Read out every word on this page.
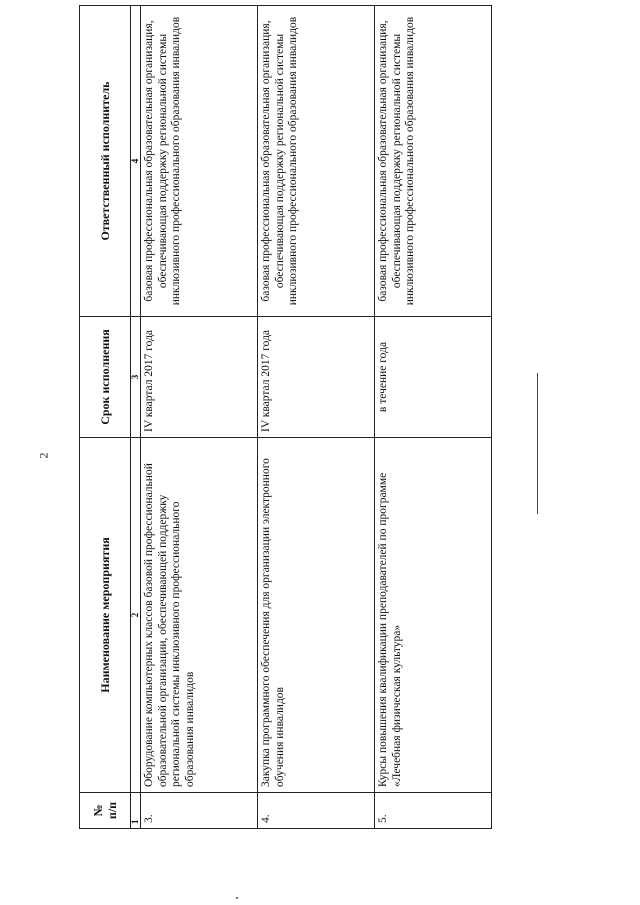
2
№ п/п	Наименование мероприятия	Срок исполнения	Ответственный исполнитель
1	2	3	4
3.	Оборудование компьютерных классов базовой профессиональной образовательной организации, обеспечивающей поддержку региональной системы инклюзивного профессионального образования инвалидов	IV квартал 2017 года	базовая профессиональная образовательная организация, обеспечивающая поддержку региональной системы инклюзивного профессионального образования инвалидов
4.	Закупка программного обеспечения для организации электронного обучения инвалидов	IV квартал 2017 года	базовая профессиональная образовательная организация, обеспечивающая поддержку региональной системы инклюзивного профессионального образования инвалидов
5.	Курсы повышения квалификации преподавателей по программе «Лечебная физическая культура»	в течение года	базовая профессиональная образовательная организация, обеспечивающая поддержку региональной системы инклюзивного профессионального образования инвалидов
